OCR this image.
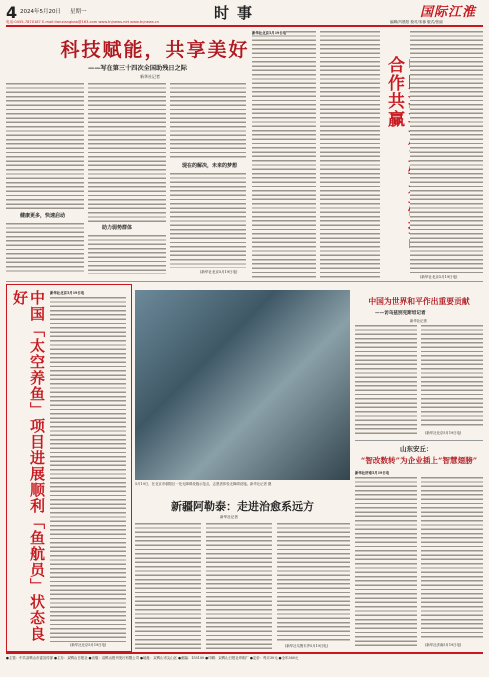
4 2024年5月20日 星期一	时事	国际江淮
电话:0455-7870187 E-mail:tianxiangbao@163.com www.tnjnews.net www.tnjnews.cn	编辑/冯晨阳 校对/宋蓉 版式/张丽
科技赋能，共享美好
——写在第三十四次全国助残日之际
新华社记者
健康更多，快速启动
助力弱势群体
现在的解决，未来的梦想
(新华社北京5月19日电)
新华社北京5月19日电
合作共赢
(新华社北京5月19日电)
中国「太空养鱼」项目进展顺利「鱼航员」状态良好	新华社北京5月19日电
(新华社北京5月19日电)
5月19日，在北京市朝阳区一处无障碍设施示范点，志愿者体验无障碍设施。新华社记者 摄
新疆阿勒泰：走进治愈系远方
新华社记者
(新华社乌鲁木齐5月19日电)
中国为世界和平作出重要贡献
——访乌兹别克斯坦记者
新华社记者
(新华社北京5月19日电)
山东安丘：
“智改数转”为企业插上“智慧翅膀”
新华社济南5月19日电
(新华社济南5月19日电)
●主管：中共双鸭山市委宣传部 ●主办：双鸭山日报社 ●出版：双鸭山报刊发行有限公司 ●地址：双鸭山市尖山区 ●邮编：155100 ●印刷：双鸭山日报社印刷厂 ●定价：每月30元 ●全年360元
